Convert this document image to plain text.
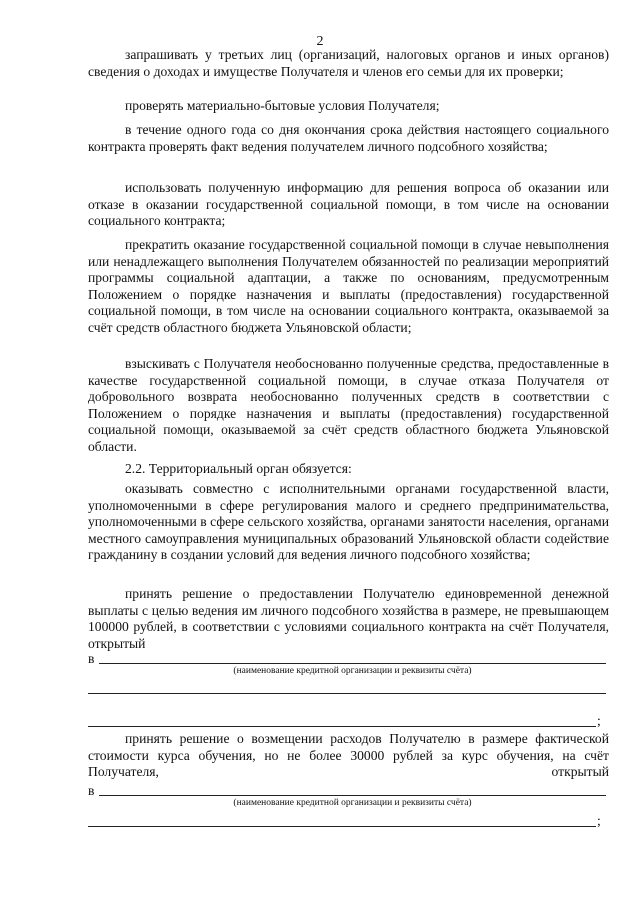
2

запрашивать у третьих лиц (организаций, налоговых органов и иных органов) сведения о доходах и имуществе Получателя и членов его семьи для их проверки;

проверять материально-бытовые условия Получателя;

в течение одного года со дня окончания срока действия настоящего социального контракта проверять факт ведения получателем личного подсобного хозяйства;

использовать полученную информацию для решения вопроса об оказании или отказе в оказании государственной социальной помощи, в том числе на основании социального контракта;

прекратить оказание государственной социальной помощи в случае невыполнения или ненадлежащего выполнения Получателем обязанностей по реализации мероприятий программы социальной адаптации, а также по основаниям, предусмотренным Положением о порядке назначения и выплаты (предоставления) государственной социальной помощи, в том числе на основании социального контракта, оказываемой за счёт средств областного бюджета Ульяновской области;

взыскивать с Получателя необоснованно полученные средства, предоставленные в качестве государственной социальной помощи, в случае отказа Получателя от добровольного возврата необоснованно полученных средств в соответствии с Положением о порядке назначения и выплаты (предоставления) государственной социальной помощи, оказываемой за счёт средств областного бюджета Ульяновской области.

2.2. Территориальный орган обязуется:

оказывать совместно с исполнительными органами государственной власти, уполномоченными в сфере регулирования малого и среднего предпринимательства, уполномоченными в сфере сельского хозяйства, органами занятости населения, органами местного самоуправления муниципальных образований Ульяновской области содействие гражданину в создании условий для ведения личного подсобного хозяйства;

принять решение о предоставлении Получателю единовременной денежной выплаты с целью ведения им личного подсобного хозяйства в размере, не превышающем 100000 рублей, в соответствии с условиями социального контракта на счёт Получателя, открытый

в
(наименование кредитной организации и реквизиты счёта)
;

принять решение о возмещении расходов Получателю в размере фактической стоимости курса обучения, но не более 30000 рублей за курс обучения, на счёт Получателя, открытый

в
(наименование кредитной организации и реквизиты счёта)
;
